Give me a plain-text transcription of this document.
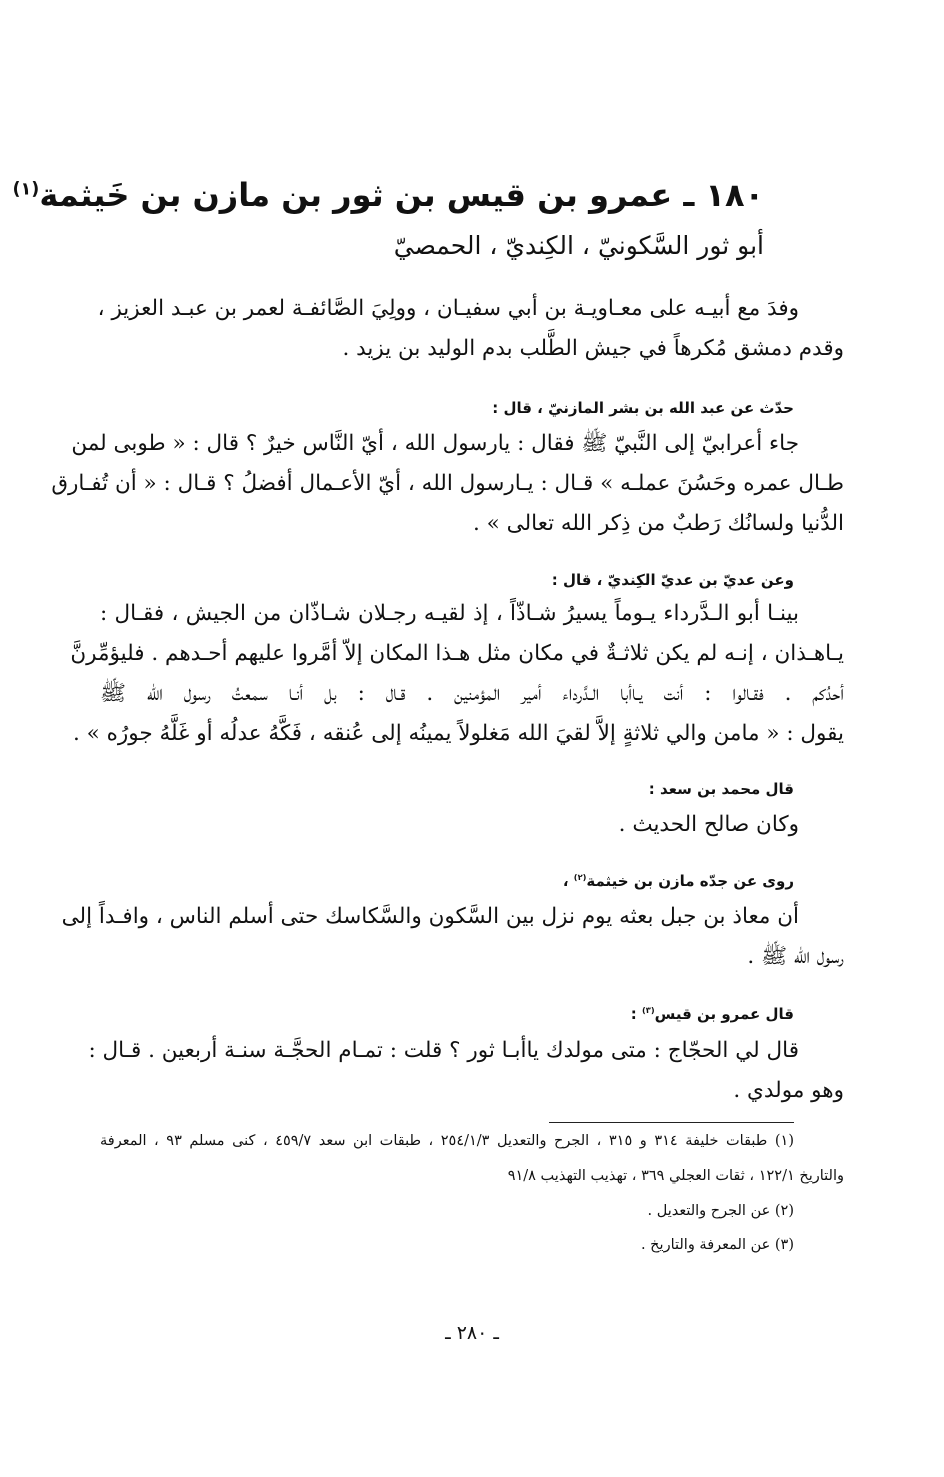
١٨٠ ـ عمرو بن قيس بن ثور بن مازن بن خَيثمة$^{(١)}$
أبو ثور السَّكونيّ ، الكِنديّ ، الحمصيّ
وفدَ مع أبيـه على معـاويـة بن أبي سفيـان ، وولِيَ الصَّائفـة لعمر بن عبـد العزيز ،
وقدم دمشق مُكرهاً في جيش الطَّلب بدم الوليد بن يزيد .
حدّث عن عبد الله بن بشر المازنيّ ، قال :
جاء أعرابيّ إلى النَّبيّ ﷺ فقال : يارسول الله ، أيّ النَّاس خيرٌ ؟ قال : « طوبى لمن
طـال عمره وحَسُنَ عملـه » قـال : يـارسول الله ، أيّ الأعـمال أفضلُ ؟ قـال : « أن تُفـارق
الدُّنيا ولسانُك رَطبٌ من ذِكر الله تعالى » .
وعن عديّ بن عديّ الكِنديّ ، قال :
بينـا أبو الـدَّرداء يـوماً يسيرُ شـاذّاً ، إذ لقيـه رجـلان شـاذّان من الجيش ، فقـال :
يـاهـذان ، إنـه لم يكن ثلاثـةٌ في مكان مثل هـذا المكان إلاّ أمَّروا عليهم أحـدهم . فليؤمِّرنَّ
أحدُكم . فقـالوا : أنت يـاأبا الـدَّرداء أمير المؤمنين . قـال : بل أنـا سمعتُ رسول الله ﷺ
يقول : « مامن والي ثلاثةٍ إلاَّ لقيَ الله مَغلولاً يمينُه إلى عُنقه ، فَكَّهُ عدلُه أو غَلَّهُ جورُه » .
قال محمد بن سعد :
وكان صالح الحديث .
روى عن جدّه مازن بن خيثمة$^{(٢)}$ ،
أن معاذ بن جبل بعثه يوم نزل بين السَّكون والسَّكاسك حتى أسلم الناس ، وافـداً إلى
رسول الله ﷺ .
قال عمرو بن قيس$^{(٣)}$ :
قال لي الحجّاج : متى مولدك ياأبـا ثور ؟ قلت : تمـام الحجَّـة سنـة أربعين . قـال :
وهو مولدي .
(١) طبقات خليفة ٣١٤ و ٣١٥ ، الجرح والتعديل ٢٥٤/١/٣ ، طبقات ابن سعد ٤٥٩/٧ ، كنى مسلم ٩٣ ، المعرفة
والتاريخ ١٢٢/١ ، ثقات العجلي ٣٦٩ ، تهذيب التهذيب ٩١/٨
(٢) عن الجرح والتعديل .
(٣) عن المعرفة والتاريخ .
ـ ٢٨٠ ـ
